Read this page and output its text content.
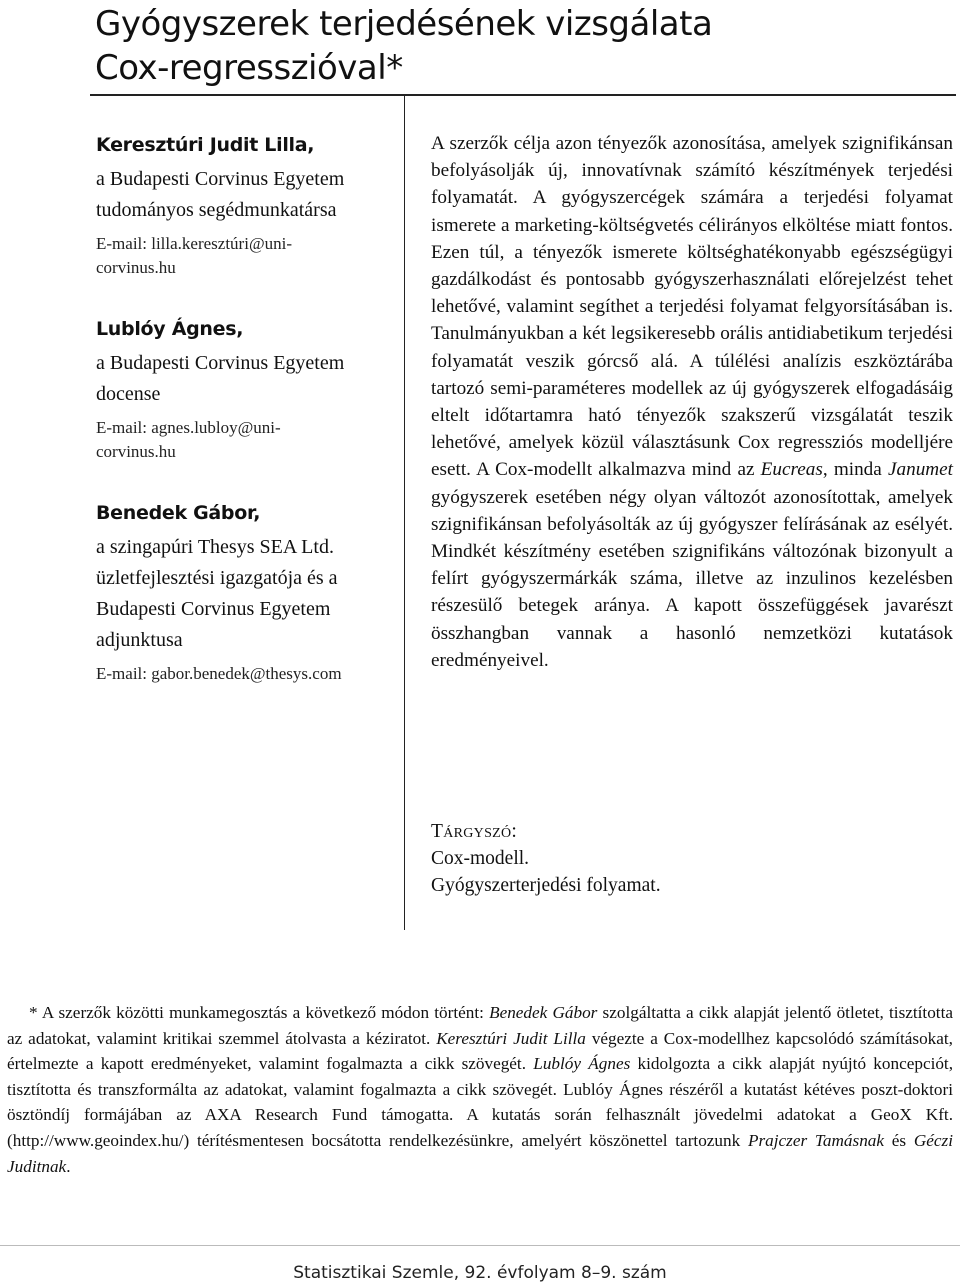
Gyógyszerek terjedésének vizsgálata
Cox-regresszióval*
Keresztúri Judit Lilla,
a Budapesti Corvinus Egyetem
tudományos segédmunkatársa
E-mail: lilla.keresztúri@uni-
corvinus.hu
Lublóy Ágnes,
a Budapesti Corvinus Egyetem
docense
E-mail: agnes.lubloy@uni-
corvinus.hu
Benedek Gábor,
a szingapúri Thesys SEA Ltd.
üzletfejlesztési igazgatója és a
Budapesti Corvinus Egyetem
adjunktusa
E-mail: gabor.benedek@thesys.com

A szerzők célja azon tényezők azonosítása, amelyek szignifikánsan befolyásolják új, innovatívnak számító készítmények terjedési folyamatát. A gyógyszercégek számára a terjedési folyamat ismerete a marketing-költségvetés célirányos elköltése miatt fontos. Ezen túl, a tényezők ismerete költséghatékonyabb egészségügyi gazdálkodást és pontosabb gyógyszerhasználati előrejelzést tehet lehetővé, valamint segíthet a terjedési folyamat felgyorsításában is. Tanulmányukban a két legsikeresebb orális antidiabetikum terjedési folyamatát veszik górcső alá. A túlélési analízis eszköztárába tartozó semi-paraméteres modellek az új gyógyszerek elfogadásáig eltelt időtartamra ható tényezők szakszerű vizsgálatát teszik lehetővé, amelyek közül választásunk Cox regressziós modelljére esett. A Cox-modellt alkalmazva mind az Eucreas, minda Janumet gyógyszerek esetében négy olyan változót azonosítottak, amelyek szignifikánsan befolyásolták az új gyógyszer felírásának az esélyét. Mindkét készítmény esetében szignifikáns változónak bizonyult a felírt gyógyszermárkák száma, illetve az inzulinos kezelésben részesülő betegek aránya. A kapott összefüggések javarészt összhangban vannak a hasonló nemzetközi kutatások eredményeivel.

Tárgyszó:
Cox-modell.
Gyógyszerterjedési folyamat.

* A szerzők közötti munkamegosztás a következő módon történt: Benedek Gábor szolgáltatta a cikk alapját jelentő ötletet, tisztította az adatokat, valamint kritikai szemmel átolvasta a kéziratot. Keresztúri Judit Lilla végezte a Cox-modellhez kapcsolódó számításokat, értelmezte a kapott eredményeket, valamint fogalmazta a cikk szövegét. Lublóy Ágnes kidolgozta a cikk alapját nyújtó koncepciót, tisztította és transzformálta az adatokat, valamint fogalmazta a cikk szövegét. Lublóy Ágnes részéről a kutatást kétéves poszt-doktori ösztöndíj formájában az AXA Research Fund támogatta. A kutatás során felhasznált jövedelmi adatokat a GeoX Kft. (http://www.geoindex.hu/) térítésmentesen bocsátotta rendelkezésünkre, amelyért köszönettel tartozunk Prajczer Tamásnak és Géczi Juditnak.

Statisztikai Szemle, 92. évfolyam 8–9. szám
